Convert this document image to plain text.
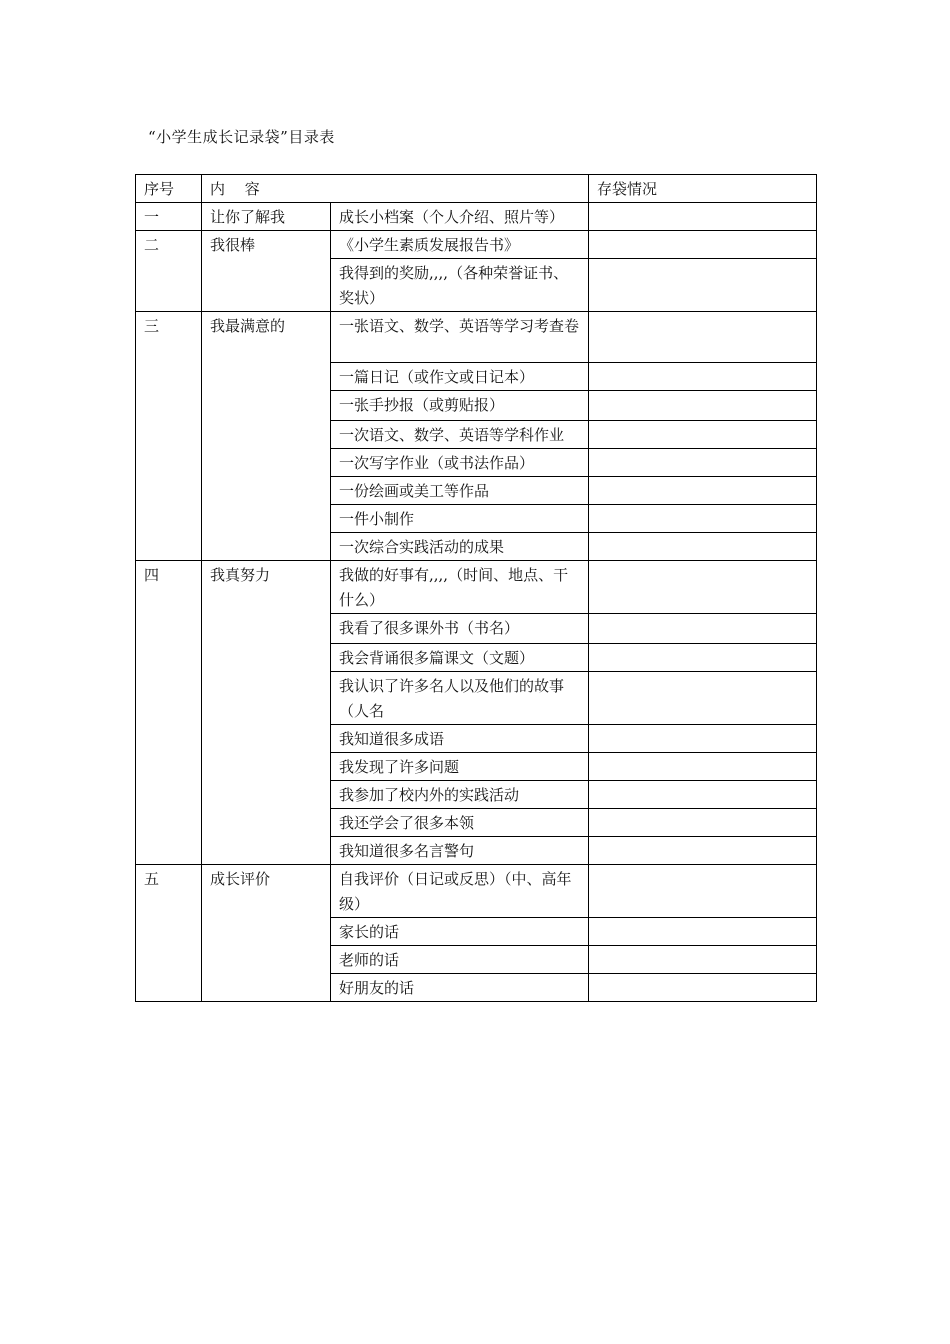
“小学生成长记录袋”目录表
序号	内　 容		存袋情况
一	让你了解我	成长小档案（个人介绍、照片等）	
二	我很棒	《小学生素质发展报告书》	
		我得到的奖励,,,,（各种荣誉证书、奖状）	
三	我最满意的	一张语文、数学、英语等学习考查卷	
		一篇日记（或作文或日记本）	
		一张手抄报（或剪贴报）	
		一次语文、数学、英语等学科作业	
		一次写字作业（或书法作品）	
		一份绘画或美工等作品	
		一件小制作	
		一次综合实践活动的成果	
四	我真努力	我做的好事有,,,,（时间、地点、干什么）	
		我看了很多课外书（书名）	
		我会背诵很多篇课文（文题）	
		我认识了许多名人以及他们的故事（人名	
		我知道很多成语	
		我发现了许多问题	
		我参加了校内外的实践活动	
		我还学会了很多本领	
		我知道很多名言警句	
五	成长评价	自我评价（日记或反思）（中、高年级）	
		家长的话	
		老师的话	
		好朋友的话	
